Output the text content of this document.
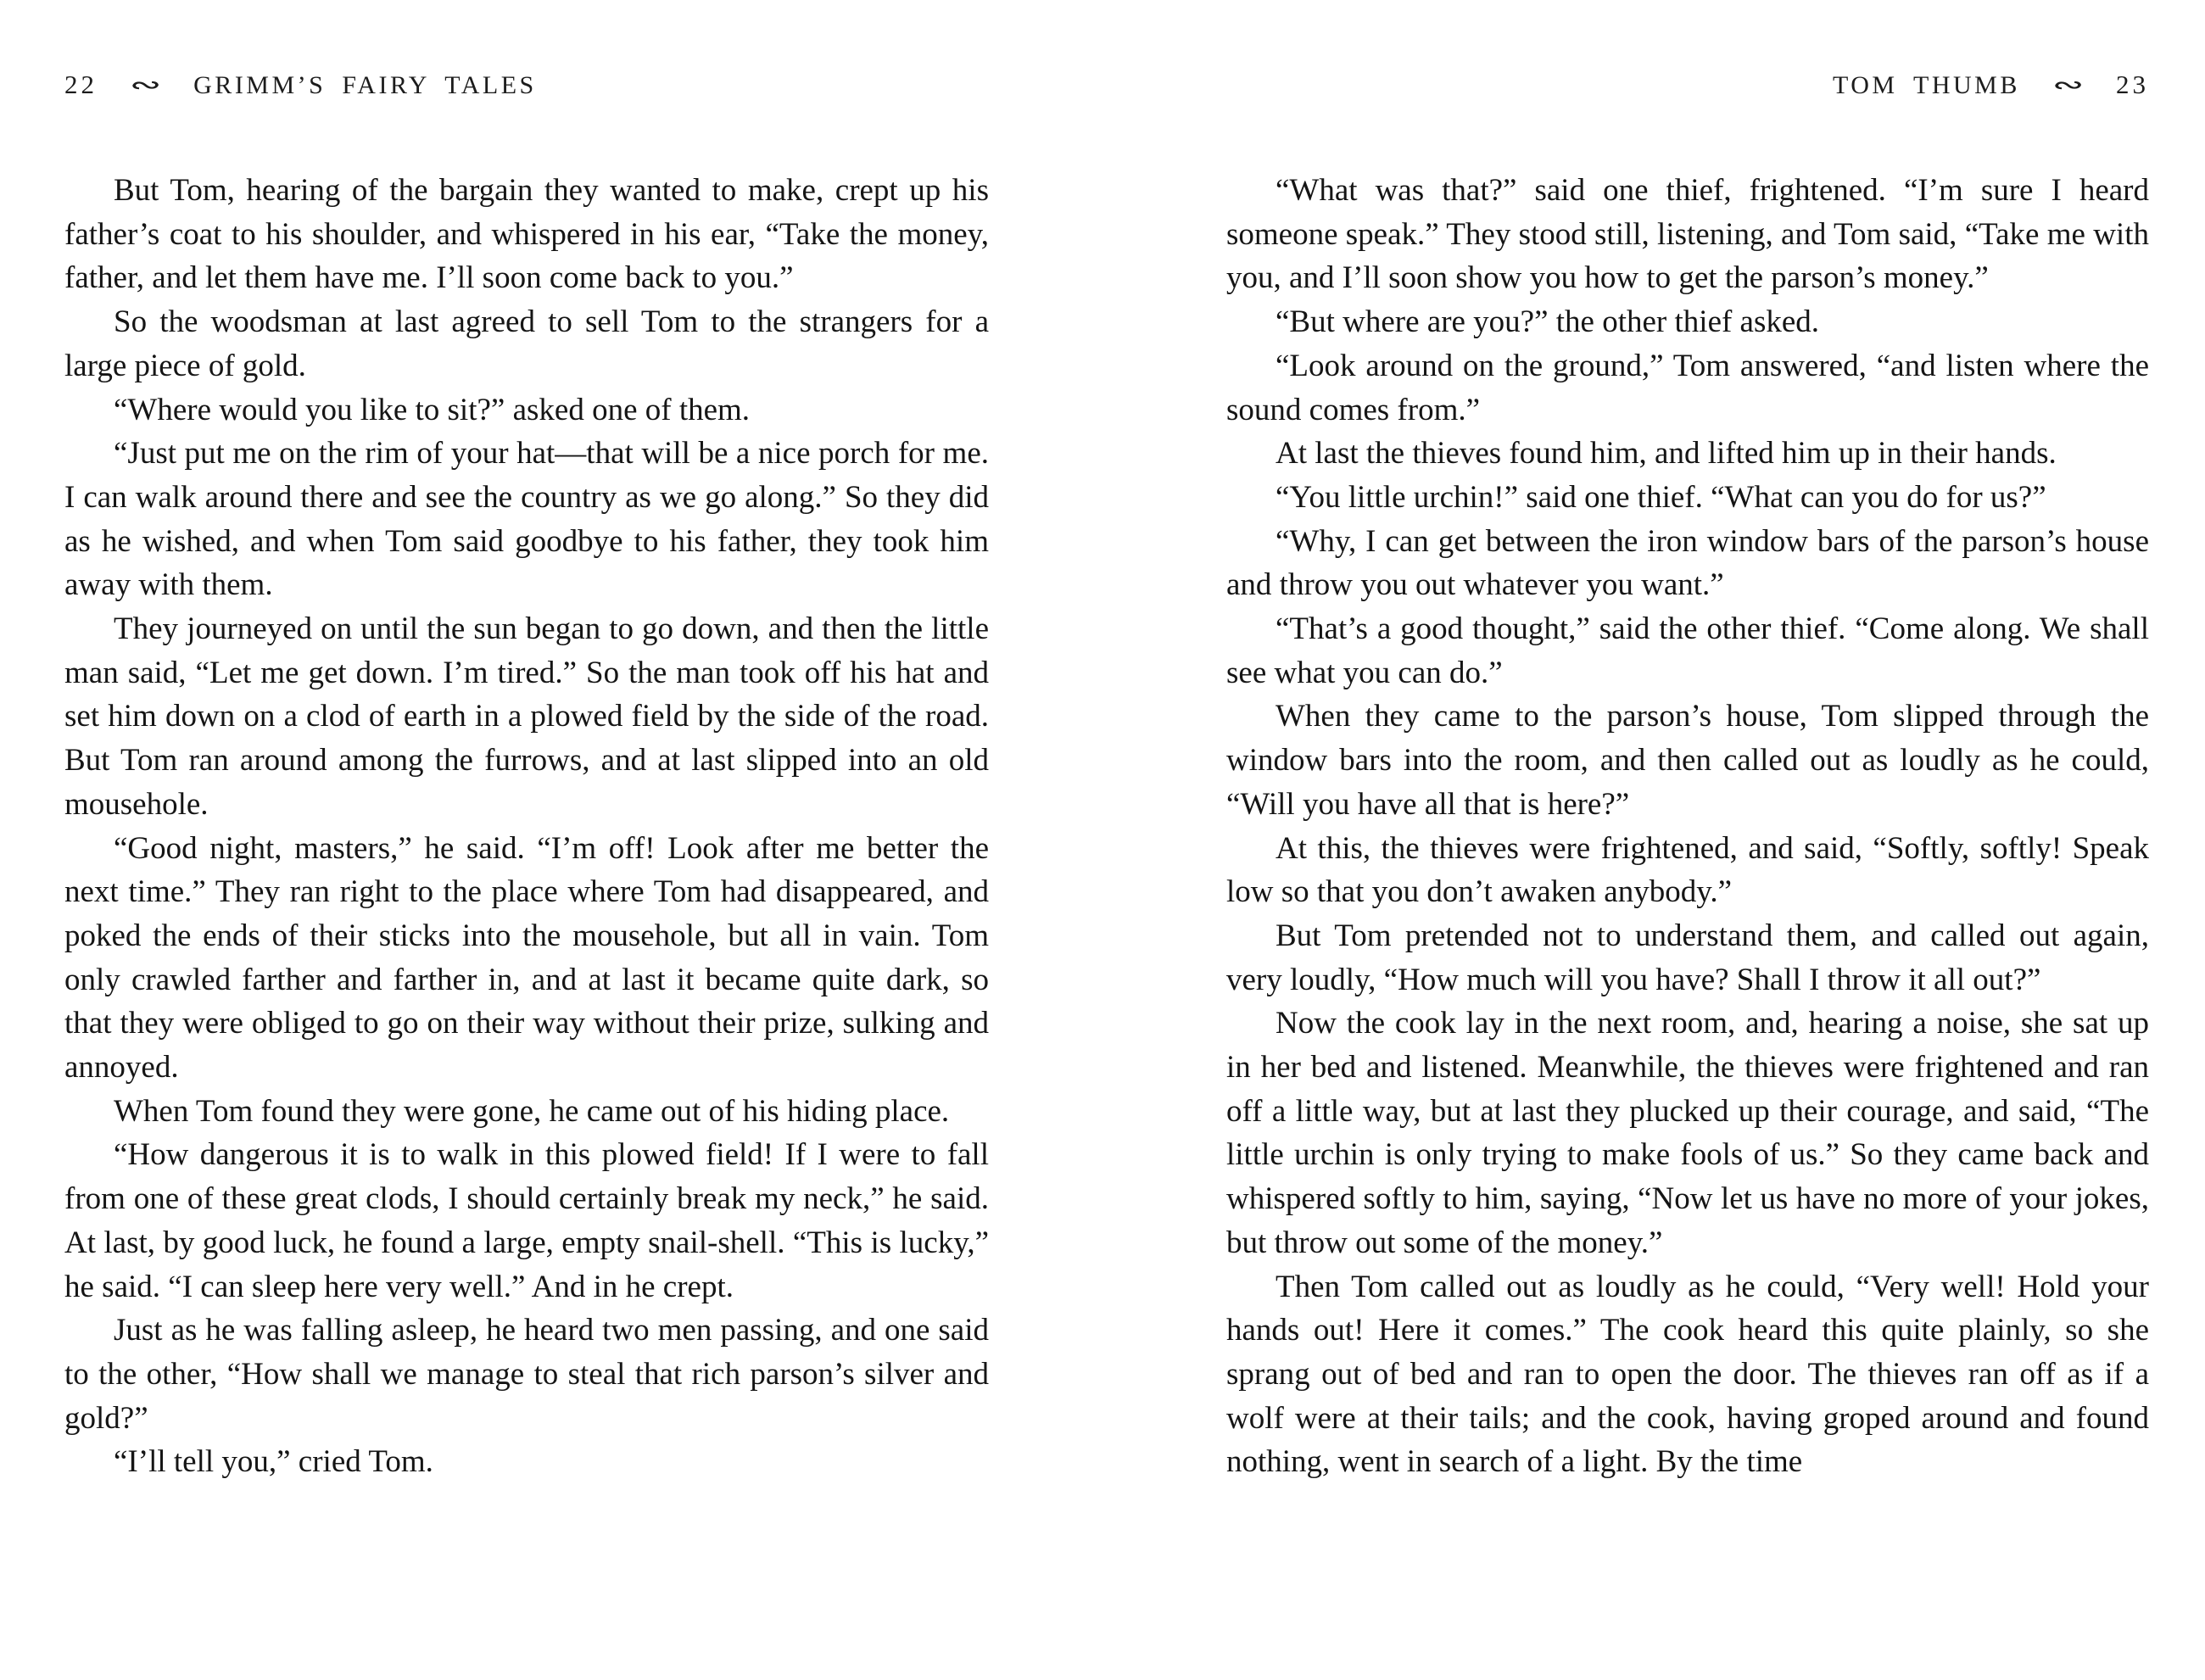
22 ∾ GRIMM’S FAIRY TALES

But Tom, hearing of the bargain they wanted to make, crept up his father’s coat to his shoulder, and whispered in his ear, “Take the money, father, and let them have me. I’ll soon come back to you.”

So the woodsman at last agreed to sell Tom to the strangers for a large piece of gold.

“Where would you like to sit?” asked one of them.

“Just put me on the rim of your hat—that will be a nice porch for me. I can walk around there and see the country as we go along.” So they did as he wished, and when Tom said goodbye to his father, they took him away with them.

They journeyed on until the sun began to go down, and then the little man said, “Let me get down. I’m tired.” So the man took off his hat and set him down on a clod of earth in a plowed field by the side of the road. But Tom ran around among the furrows, and at last slipped into an old mousehole.

“Good night, masters,” he said. “I’m off! Look after me better the next time.” They ran right to the place where Tom had disappeared, and poked the ends of their sticks into the mousehole, but all in vain. Tom only crawled farther and farther in, and at last it became quite dark, so that they were obliged to go on their way without their prize, sulking and annoyed.

When Tom found they were gone, he came out of his hiding place.

“How dangerous it is to walk in this plowed field! If I were to fall from one of these great clods, I should certainly break my neck,” he said. At last, by good luck, he found a large, empty snail-shell. “This is lucky,” he said. “I can sleep here very well.” And in he crept.

Just as he was falling asleep, he heard two men passing, and one said to the other, “How shall we manage to steal that rich parson’s silver and gold?”

“I’ll tell you,” cried Tom.

TOM THUMB ∾ 23

“What was that?” said one thief, frightened. “I’m sure I heard someone speak.” They stood still, listening, and Tom said, “Take me with you, and I’ll soon show you how to get the parson’s money.”

“But where are you?” the other thief asked.

“Look around on the ground,” Tom answered, “and listen where the sound comes from.”

At last the thieves found him, and lifted him up in their hands.

“You little urchin!” said one thief. “What can you do for us?”

“Why, I can get between the iron window bars of the parson’s house and throw you out whatever you want.”

“That’s a good thought,” said the other thief. “Come along. We shall see what you can do.”

When they came to the parson’s house, Tom slipped through the window bars into the room, and then called out as loudly as he could, “Will you have all that is here?”

At this, the thieves were frightened, and said, “Softly, softly! Speak low so that you don’t awaken anybody.”

But Tom pretended not to understand them, and called out again, very loudly, “How much will you have? Shall I throw it all out?”

Now the cook lay in the next room, and, hearing a noise, she sat up in her bed and listened. Meanwhile, the thieves were frightened and ran off a little way, but at last they plucked up their courage, and said, “The little urchin is only trying to make fools of us.” So they came back and whispered softly to him, saying, “Now let us have no more of your jokes, but throw out some of the money.”

Then Tom called out as loudly as he could, “Very well! Hold your hands out! Here it comes.” The cook heard this quite plainly, so she sprang out of bed and ran to open the door. The thieves ran off as if a wolf were at their tails; and the cook, having groped around and found nothing, went in search of a light. By the time
